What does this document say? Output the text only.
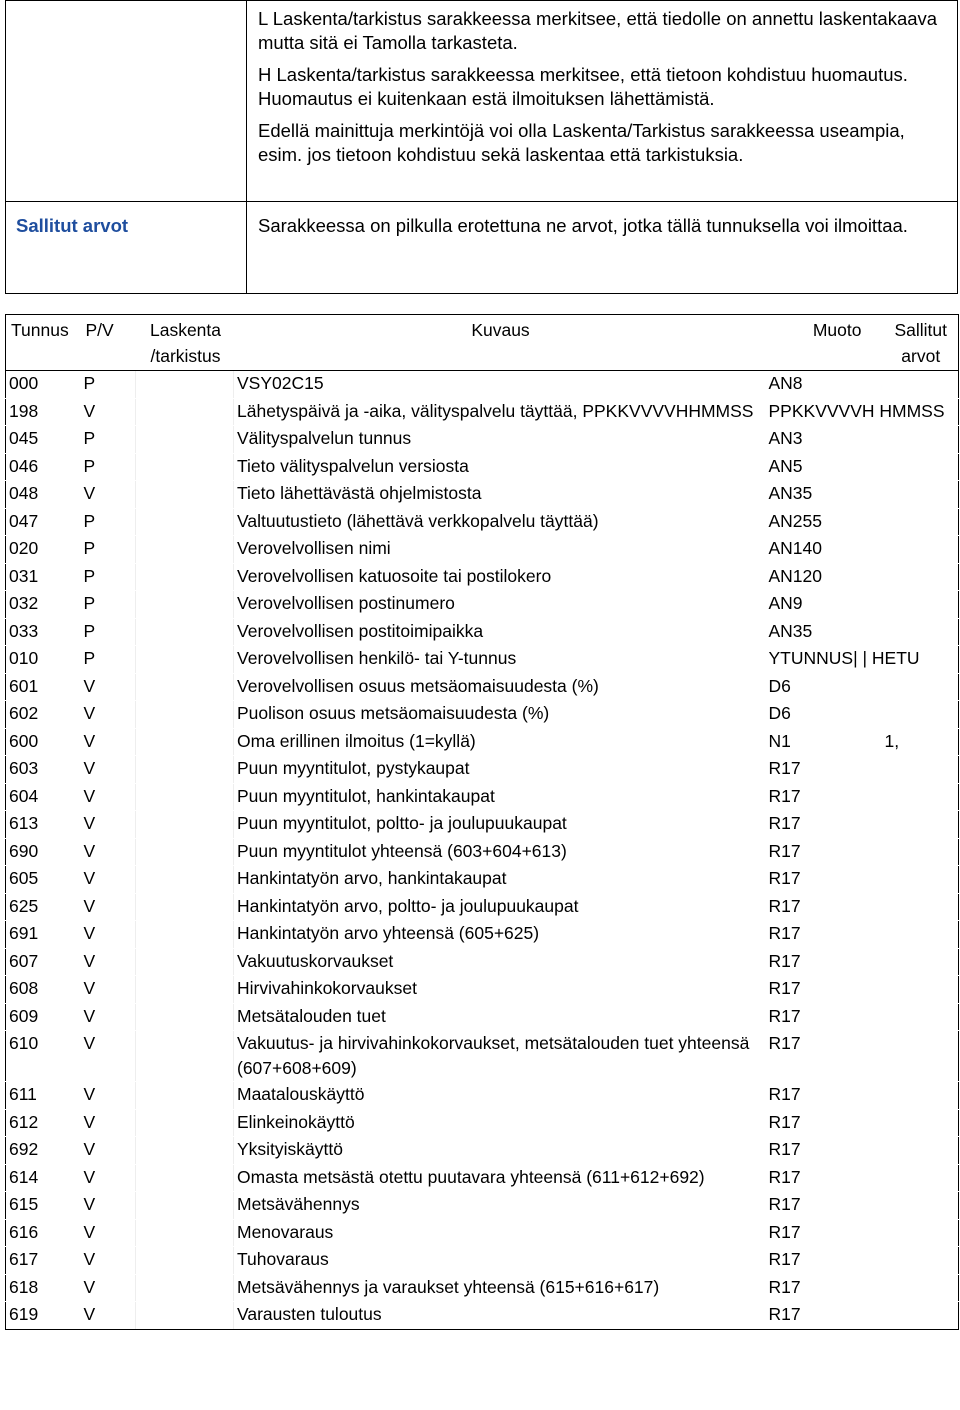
	L Laskenta/tarkistus sarakkeessa merkitsee, että tiedolle on annettu laskentakaava mutta sitä ei Tamolla tarkasteta.

H Laskenta/tarkistus sarakkeessa merkitsee, että tietoon kohdistuu huomautus. Huomautus ei kuitenkaan estä ilmoituksen lähettämistä.

Edellä mainittuja merkintöjä voi olla Laskenta/Tarkistus sarakkeessa useampia, esim. jos tietoon kohdistuu sekä laskentaa että tarkistuksia.

Sallitut arvot	Sarakkeessa on pilkulla erotettuna ne arvot, jotka tällä tunnuksella voi ilmoittaa.
Tunnus	P/V	Laskenta /tarkistus	Kuvaus	Muoto	Sallitut arvot
000	P		VSY02C15	AN8	
198	V		Lähetyspäivä ja -aika, välityspalvelu täyttää, PPKKVVVVHHMMSS	PPKKVVVVH HMMSS	
045	P		Välityspalvelun tunnus	AN3	
046	P		Tieto välityspalvelun versiosta	AN5	
048	V		Tieto lähettävästä ohjelmistosta	AN35	
047	P		Valtuutustieto (lähettävä verkkopalvelu täyttää)	AN255	
020	P		Verovelvollisen nimi	AN140	
031	P		Verovelvollisen katuosoite tai postilokero	AN120	
032	P		Verovelvollisen postinumero	AN9	
033	P		Verovelvollisen postitoimipaikka	AN35	
010	P		Verovelvollisen henkilö- tai Y-tunnus	YTUNNUS| | HETU	
601	V		Verovelvollisen osuus metsäomaisuudesta (%)	D6	
602	V		Puolison osuus metsäomaisuudesta (%)	D6	
600	V		Oma erillinen ilmoitus (1=kyllä)	N1	1,
603	V		Puun myyntitulot, pystykaupat	R17	
604	V		Puun myyntitulot, hankintakaupat	R17	
613	V		Puun myyntitulot, poltto- ja joulupuukaupat	R17	
690	V		Puun myyntitulot yhteensä (603+604+613)	R17	
605	V		Hankintatyön arvo, hankintakaupat	R17	
625	V		Hankintatyön arvo, poltto- ja joulupuukaupat	R17	
691	V		Hankintatyön arvo yhteensä (605+625)	R17	
607	V		Vakuutuskorvaukset	R17	
608	V		Hirvivahinkokorvaukset	R17	
609	V		Metsätalouden tuet	R17	
610	V		Vakuutus- ja hirvivahinkokorvaukset, metsätalouden tuet yhteensä (607+608+609)	R17	
611	V		Maatalouskäyttö	R17	
612	V		Elinkeinokäyttö	R17	
692	V		Yksityiskäyttö	R17	
614	V		Omasta metsästä otettu puutavara yhteensä (611+612+692)	R17	
615	V		Metsävähennys	R17	
616	V		Menovaraus	R17	
617	V		Tuhovaraus	R17	
618	V		Metsävähennys ja varaukset yhteensä (615+616+617)	R17	
619	V		Varausten tuloutus	R17	
